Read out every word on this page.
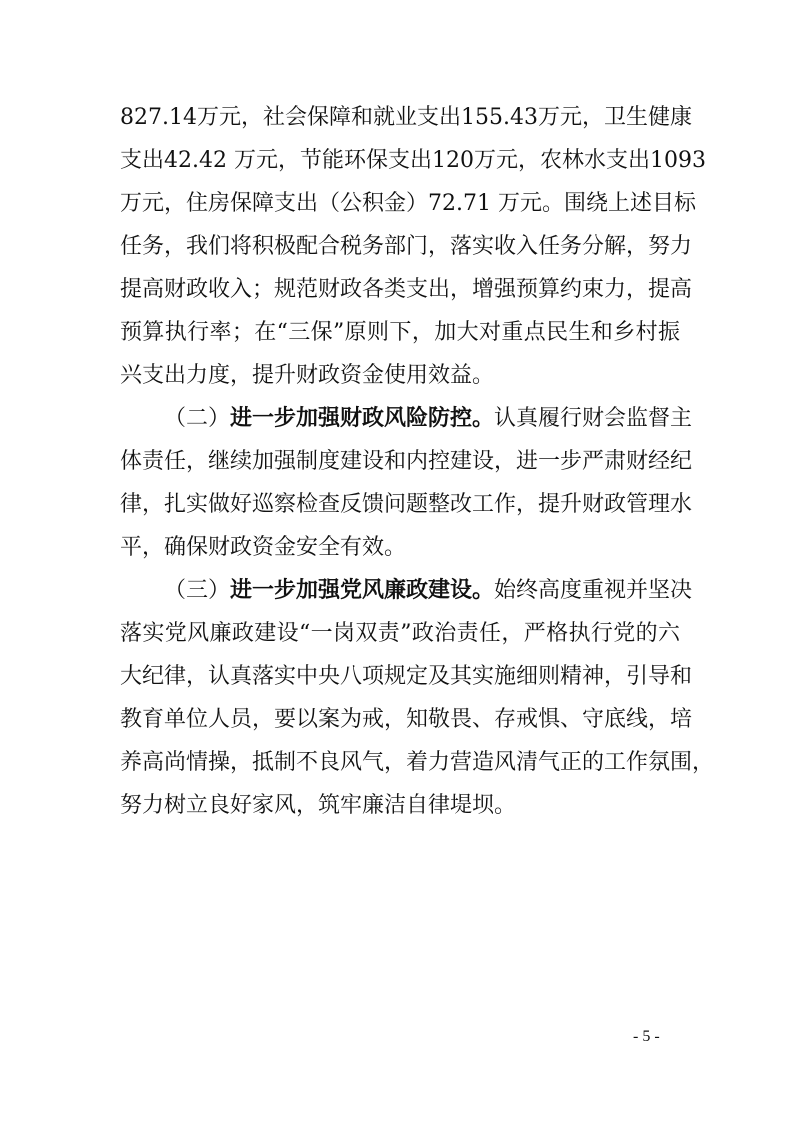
827.14万元，社会保障和就业支出155.43万元，卫生健康
支出42.42 万元，节能环保支出120万元，农林水支出1093
万元，住房保障支出（公积金）72.71 万元。围绕上述目标
任务，我们将积极配合税务部门，落实收入任务分解，努力
提高财政收入；规范财政各类支出，增强预算约束力，提高
预算执行率；在“三保”原则下，加大对重点民生和乡村振
兴支出力度，提升财政资金使用效益。
（二）进一步加强财政风险防控。认真履行财会监督主
体责任，继续加强制度建设和内控建设，进一步严肃财经纪
律，扎实做好巡察检查反馈问题整改工作，提升财政管理水
平，确保财政资金安全有效。
（三）进一步加强党风廉政建设。始终高度重视并坚决
落实党风廉政建设“一岗双责”政治责任，严格执行党的六
大纪律，认真落实中央八项规定及其实施细则精神，引导和
教育单位人员，要以案为戒，知敬畏、存戒惧、守底线，培
养高尚情操，抵制不良风气，着力营造风清气正的工作氛围，
努力树立良好家风，筑牢廉洁自律堤坝。
- 5 -
